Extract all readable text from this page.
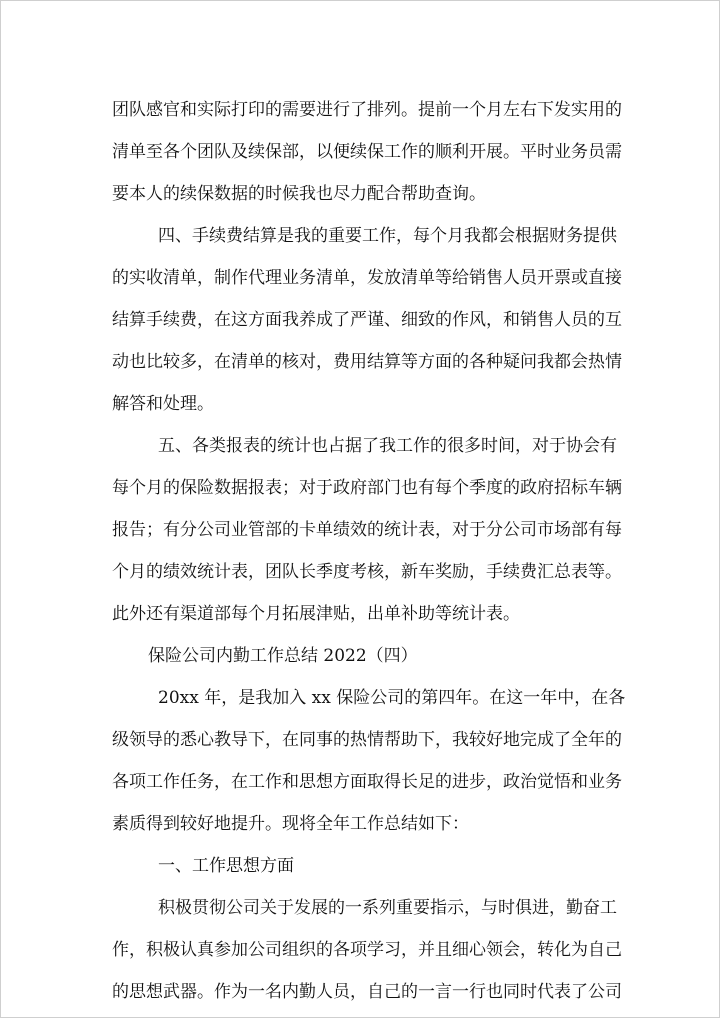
团队感官和实际打印的需要进行了排列。提前一个月左右下发实用的
清单至各个团队及续保部，以便续保工作的顺利开展。平时业务员需
要本人的续保数据的时候我也尽力配合帮助查询。
四、手续费结算是我的重要工作，每个月我都会根据财务提供
的实收清单，制作代理业务清单，发放清单等给销售人员开票或直接
结算手续费，在这方面我养成了严谨、细致的作风，和销售人员的互
动也比较多，在清单的核对，费用结算等方面的各种疑问我都会热情
解答和处理。
五、各类报表的统计也占据了我工作的很多时间，对于协会有
每个月的保险数据报表；对于政府部门也有每个季度的政府招标车辆
报告；有分公司业管部的卡单绩效的统计表，对于分公司市场部有每
个月的绩效统计表，团队长季度考核，新车奖励，手续费汇总表等。
此外还有渠道部每个月拓展津贴，出单补助等统计表。
保险公司内勤工作总结 2022（四）
20xx 年，是我加入 xx 保险公司的第四年。在这一年中，在各
级领导的悉心教导下，在同事的热情帮助下，我较好地完成了全年的
各项工作任务，在工作和思想方面取得长足的进步，政治觉悟和业务
素质得到较好地提升。现将全年工作总结如下：
一、工作思想方面
积极贯彻公司关于发展的一系列重要指示，与时俱进，勤奋工
作，积极认真参加公司组织的各项学习，并且细心领会，转化为自己
的思想武器。作为一名内勤人员，自己的一言一行也同时代表了公司
